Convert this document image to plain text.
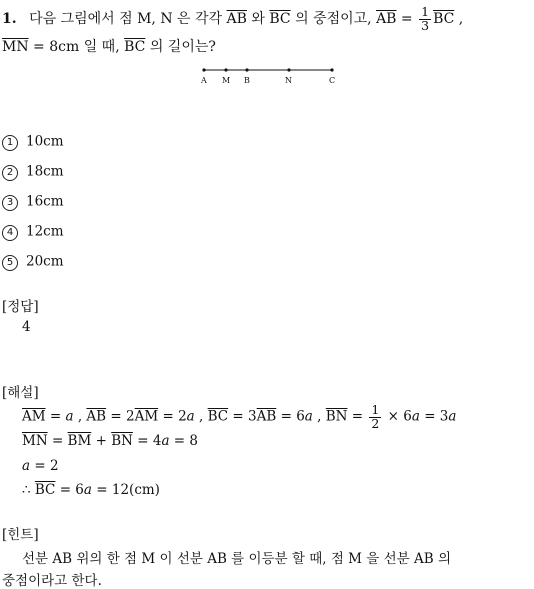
1. 다음 그림에서 점 M, N 은 각각 $\overline{AB}$ 와 $\overline{BC}$ 의 중점이고, $\overline{AB} = \frac{1}{3} \overline{BC}$ ,
$\overline{MN} = 8cm$ 일 때, $\overline{BC}$ 의 길이는?
A M B	N	C
1 10cm
2 18cm
3 16cm
4 12cm
5 20cm
[정답]
4
[해설]
$\overline{AM} = a$ , $\overline{AB} = 2\overline{AM} = 2a$ , $\overline{BC} = 3\overline{AB} = 6a$ , $\overline{BN} = \frac{1}{2} \times 6a = 3a$
$\overline{MN} = \overline{BM} + \overline{BN} = 4a = 8$
a = 2
∴ $\overline{BC} = 6a = 12(cm)$
[힌트]
선분 AB 위의 한 점 M 이 선분 AB 를 이등분 할 때, 점 M 을 선분 AB 의
중점이라고 한다.
